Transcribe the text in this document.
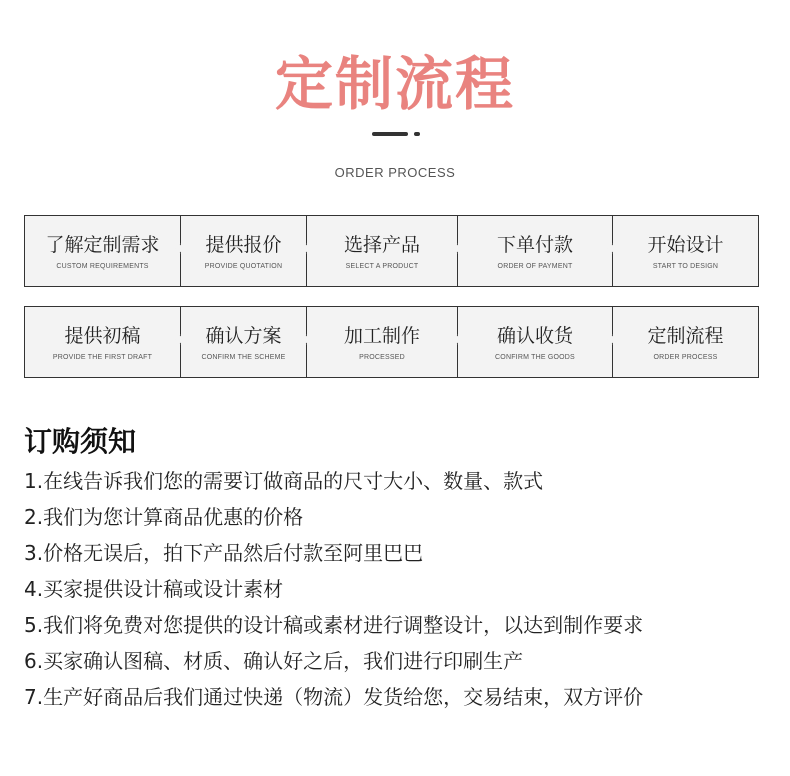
定制流程
ORDER PROCESS
了解定制需求
CUSTOM REQUIREMENTS
提供报价
PROVIDE QUOTATION
选择产品
SELECT A PRODUCT
下单付款
ORDER OF PAYMENT
开始设计
START TO DESIGN
提供初稿
PROVIDE THE FIRST DRAFT
确认方案
CONFIRM THE SCHEME
加工制作
PROCESSED
确认收货
CONFIRM THE GOODS
定制流程
ORDER PROCESS
订购须知
1.在线告诉我们您的需要订做商品的尺寸大小、数量、款式
2.我们为您计算商品优惠的价格
3.价格无误后，拍下产品然后付款至阿里巴巴
4.买家提供设计稿或设计素材
5.我们将免费对您提供的设计稿或素材进行调整设计，以达到制作要求
6.买家确认图稿、材质、确认好之后，我们进行印刷生产
7.生产好商品后我们通过快递（物流）发货给您，交易结束，双方评价
